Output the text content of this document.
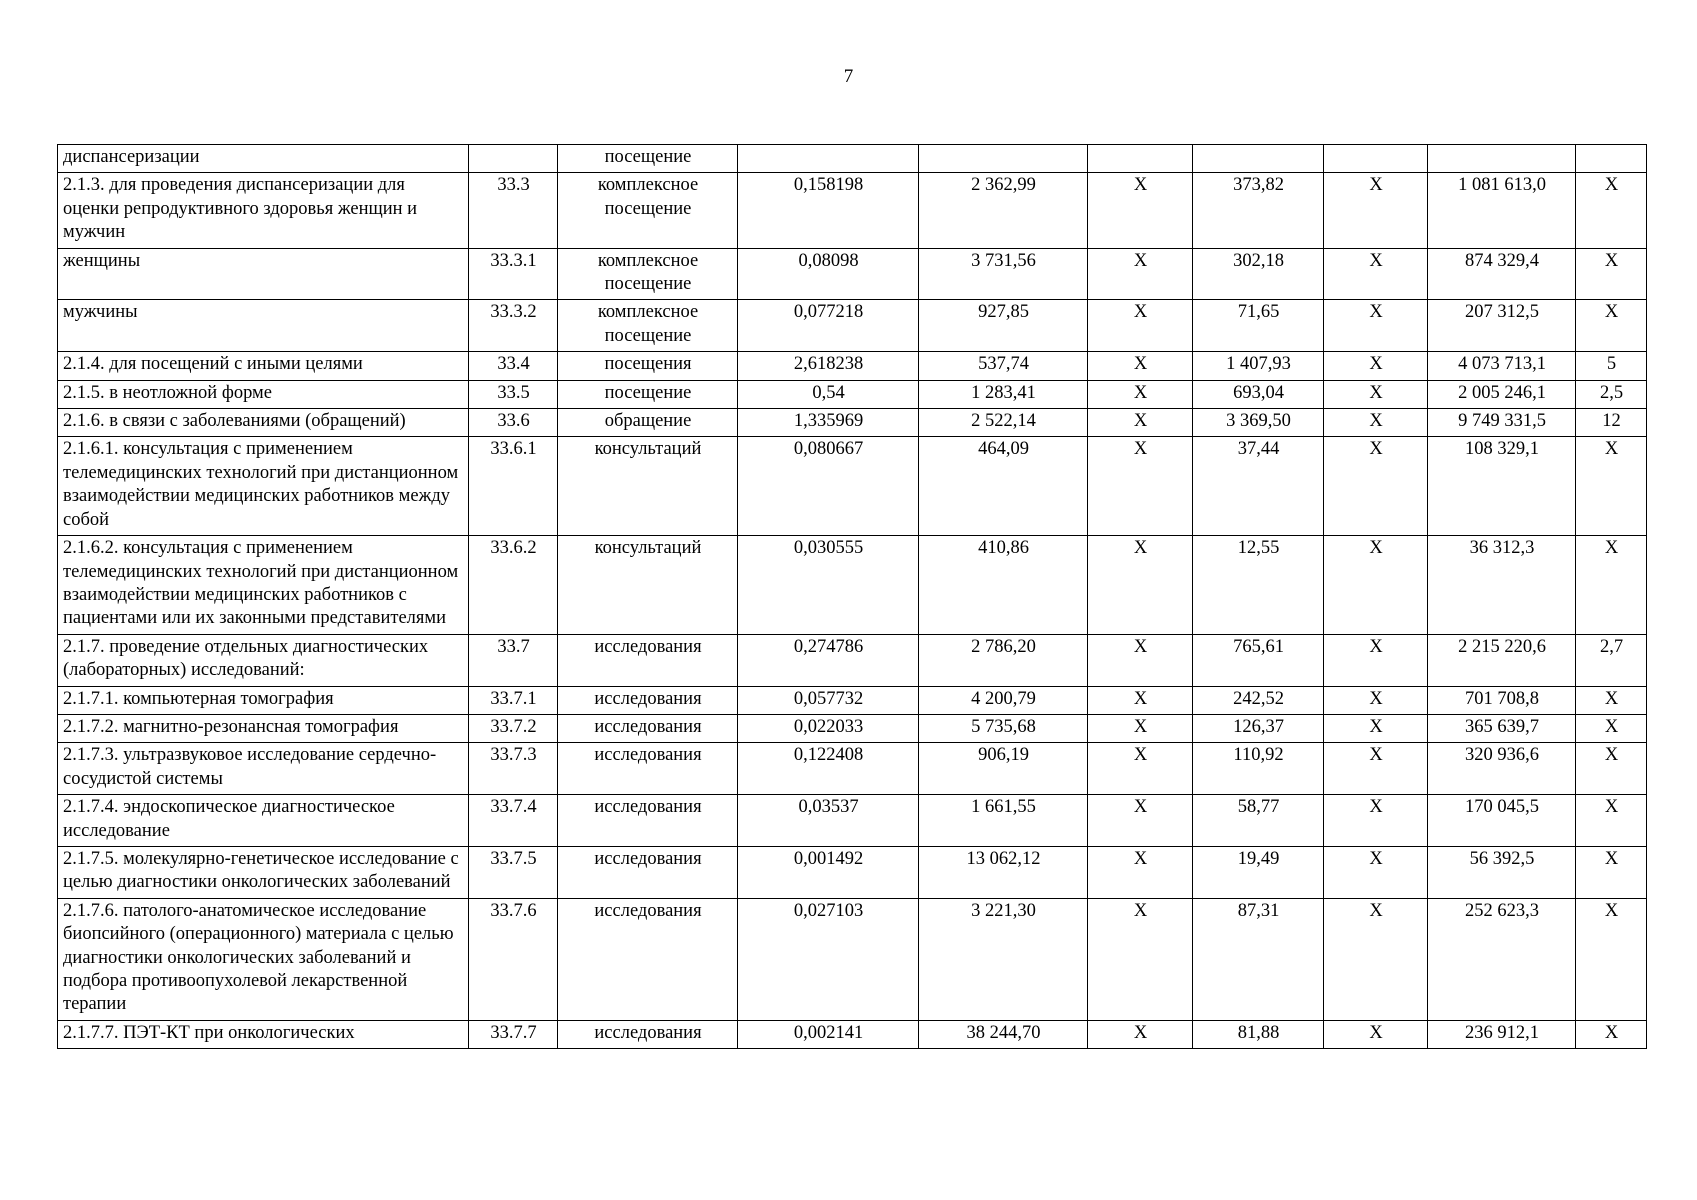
7
диспансеризации		посещение							
2.1.3. для проведения диспансеризации для оценки репродуктивного здоровья женщин и мужчин	33.3	комплексное посещение	0,158198	2 362,99	X	373,82	X	1 081 613,0	X
женщины	33.3.1	комплексное посещение	0,08098	3 731,56	X	302,18	X	874 329,4	X
мужчины	33.3.2	комплексное посещение	0,077218	927,85	X	71,65	X	207 312,5	X
2.1.4. для посещений с иными целями	33.4	посещения	2,618238	537,74	X	1 407,93	X	4 073 713,1	5
2.1.5. в неотложной форме	33.5	посещение	0,54	1 283,41	X	693,04	X	2 005 246,1	2,5
2.1.6. в связи с заболеваниями (обращений)	33.6	обращение	1,335969	2 522,14	X	3 369,50	X	9 749 331,5	12
2.1.6.1. консультация с применением телемедицинских технологий при дистанционном взаимодействии медицинских работников между собой	33.6.1	консультаций	0,080667	464,09	X	37,44	X	108 329,1	X
2.1.6.2. консультация с применением телемедицинских технологий при дистанционном взаимодействии медицинских работников с пациентами или их законными представителями	33.6.2	консультаций	0,030555	410,86	X	12,55	X	36 312,3	X
2.1.7. проведение отдельных диагностических (лабораторных) исследований:	33.7	исследования	0,274786	2 786,20	X	765,61	X	2 215 220,6	2,7
2.1.7.1. компьютерная томография	33.7.1	исследования	0,057732	4 200,79	X	242,52	X	701 708,8	X
2.1.7.2. магнитно-резонансная томография	33.7.2	исследования	0,022033	5 735,68	X	126,37	X	365 639,7	X
2.1.7.3. ультразвуковое исследование сердечно-сосудистой системы	33.7.3	исследования	0,122408	906,19	X	110,92	X	320 936,6	X
2.1.7.4. эндоскопическое диагностическое исследование	33.7.4	исследования	0,03537	1 661,55	X	58,77	X	170 045,5	X
2.1.7.5. молекулярно-генетическое исследование с целью диагностики онкологических заболеваний	33.7.5	исследования	0,001492	13 062,12	X	19,49	X	56 392,5	X
2.1.7.6. патолого-анатомическое исследование биопсийного (операционного) материала с целью диагностики онкологических заболеваний и подбора противоопухолевой лекарственной терапии	33.7.6	исследования	0,027103	3 221,30	X	87,31	X	252 623,3	X
2.1.7.7. ПЭТ-КТ при онкологических	33.7.7	исследования	0,002141	38 244,70	X	81,88	X	236 912,1	X
